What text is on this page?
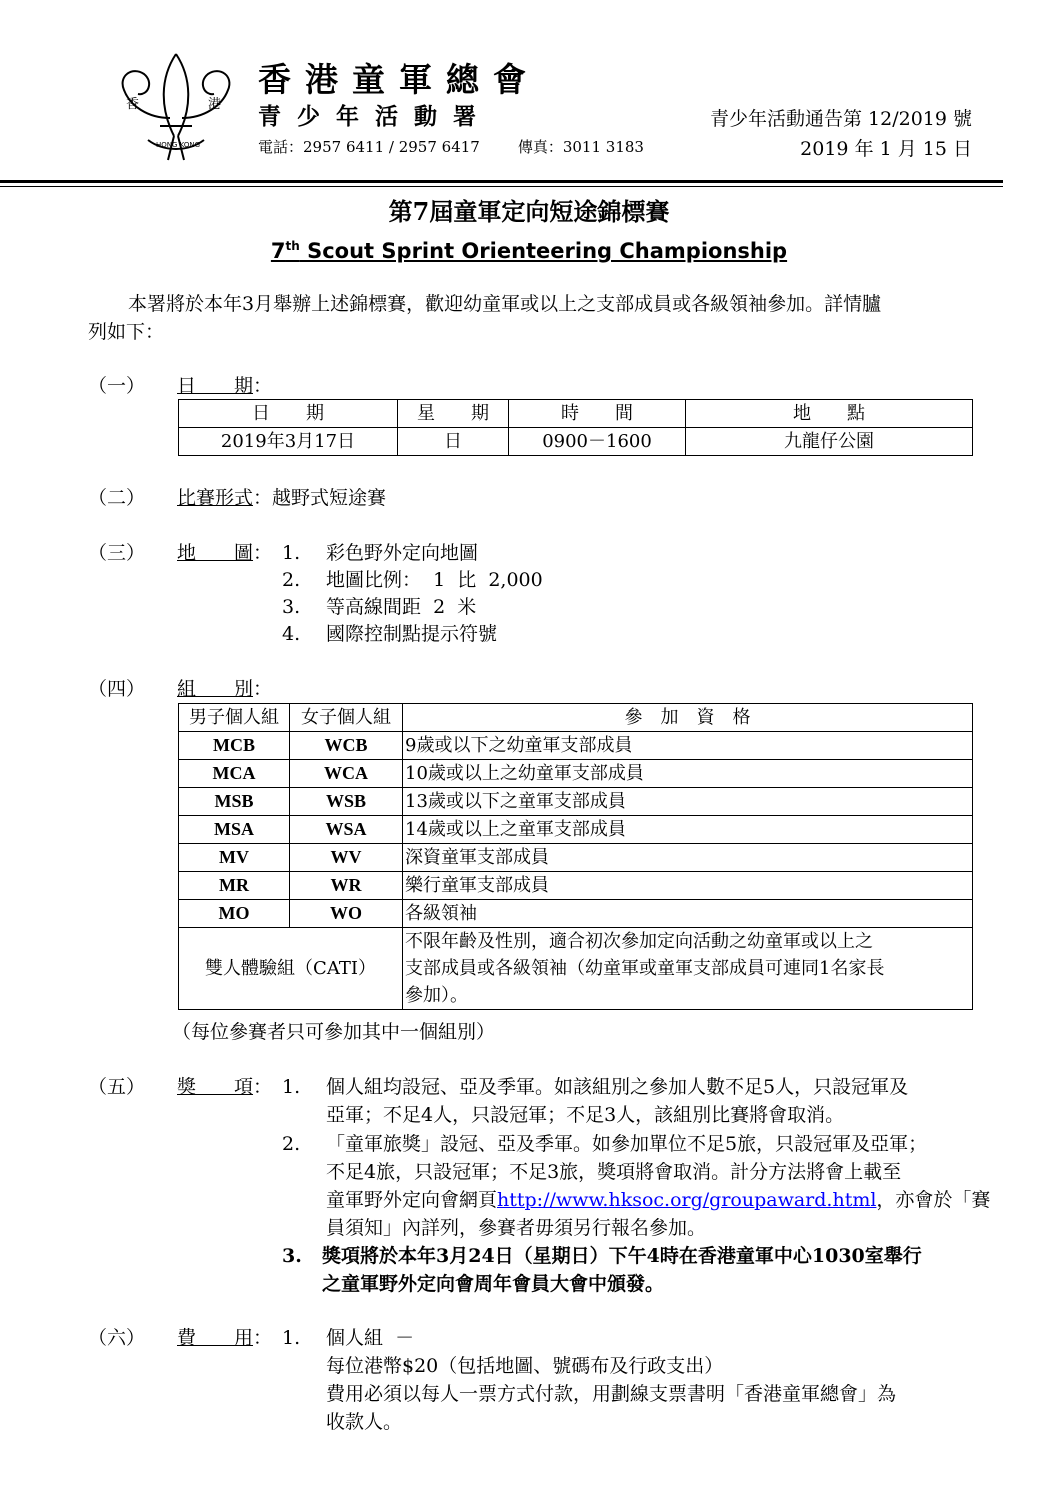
香	港
HONG KONG
香港童軍總會
青少年活動署
電話：2957 6411 / 2957 6417	傳真：3011 3183
青少年活動通告第 12/2019 號
2019 年 1 月 15 日
第7屆童軍定向短途錦標賽
7th Scout Sprint Orienteering Championship
本署將於本年3月舉辦上述錦標賽，歡迎幼童軍或以上之支部成員或各級領袖參加。詳情臚
列如下：
（一） 日　　期：
日　　期	星　　期	時　　間	地　　點
2019年3月17日	日	0900－1600	九龍仔公園
（二） 比賽形式：越野式短途賽
（三） 地　　圖： 1. 彩色野外定向地圖
2. 地圖比例：  1  比  2,000
3. 等高線間距  2  米
4. 國際控制點提示符號
（四） 組　　別：
男子個人組	女子個人組	參　加　資　格
MCB	WCB	9歲或以下之幼童軍支部成員
MCA	WCA	10歲或以上之幼童軍支部成員
MSB	WSB	13歲或以下之童軍支部成員
MSA	WSA	14歲或以上之童軍支部成員
MV	WV	深資童軍支部成員
MR	WR	樂行童軍支部成員
MO	WO	各級領袖
雙人體驗組（CATI）		不限年齡及性別，適合初次參加定向活動之幼童軍或以上之
支部成員或各級領袖（幼童軍或童軍支部成員可連同1名家長
參加）。
（每位參賽者只可參加其中一個組別）
（五） 獎　　項： 1. 個人組均設冠、亞及季軍。如該組別之參加人數不足5人，只設冠軍及
亞軍；不足4人，只設冠軍；不足3人，該組別比賽將會取消。
2. 「童軍旅獎」設冠、亞及季軍。如參加單位不足5旅，只設冠軍及亞軍；
不足4旅，只設冠軍；不足3旅，獎項將會取消。計分方法將會上載至
童軍野外定向會網頁http://www.hksoc.org/groupaward.html，亦會於「賽
員須知」內詳列，參賽者毋須另行報名參加。
3. 獎項將於本年3月24日（星期日）下午4時在香港童軍中心1030室舉行
之童軍野外定向會周年會員大會中頒發。
（六） 費　　用： 1. 個人組  －
每位港幣$20（包括地圖、號碼布及行政支出）
費用必須以每人一票方式付款，用劃線支票書明「香港童軍總會」為
收款人。
